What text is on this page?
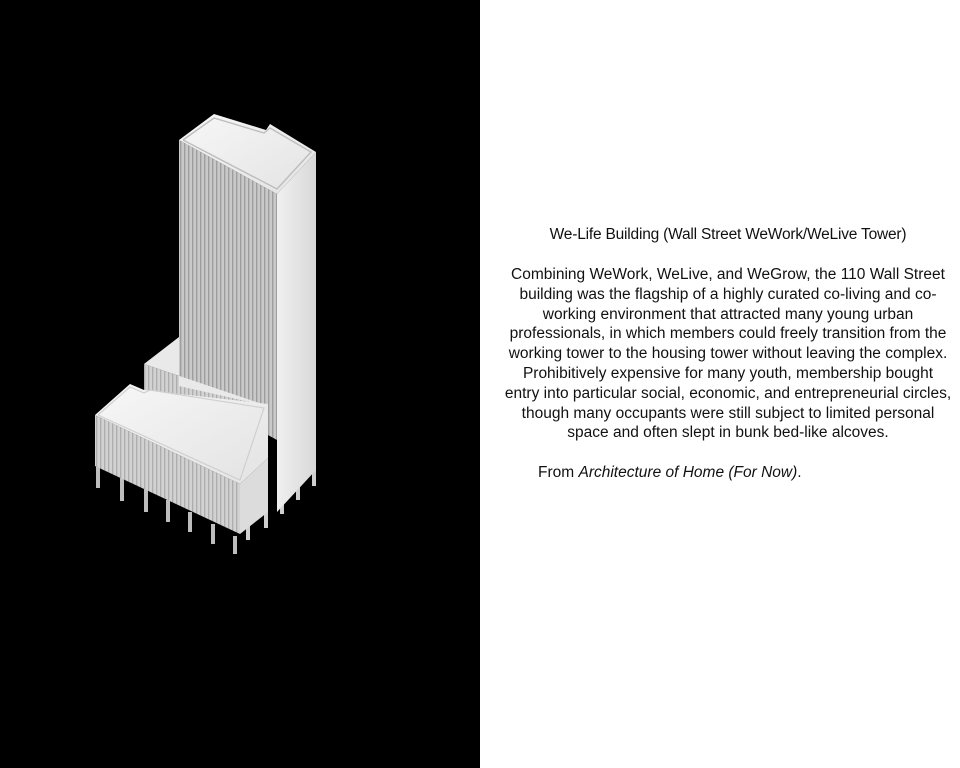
We-Life Building (Wall Street WeWork/WeLive Tower)

Combining WeWork, WeLive, and WeGrow, the 110 Wall Street building was the flagship of a highly curated co-living and co-working environment that attracted many young urban professionals, in which members could freely transition from the working tower to the housing tower without leaving the complex. Prohibitively expensive for many youth, membership bought entry into particular social, economic, and entrepreneurial circles, though many occupants were still subject to limited personal space and often slept in bunk bed-like alcoves.

From Architecture of Home (For Now).
